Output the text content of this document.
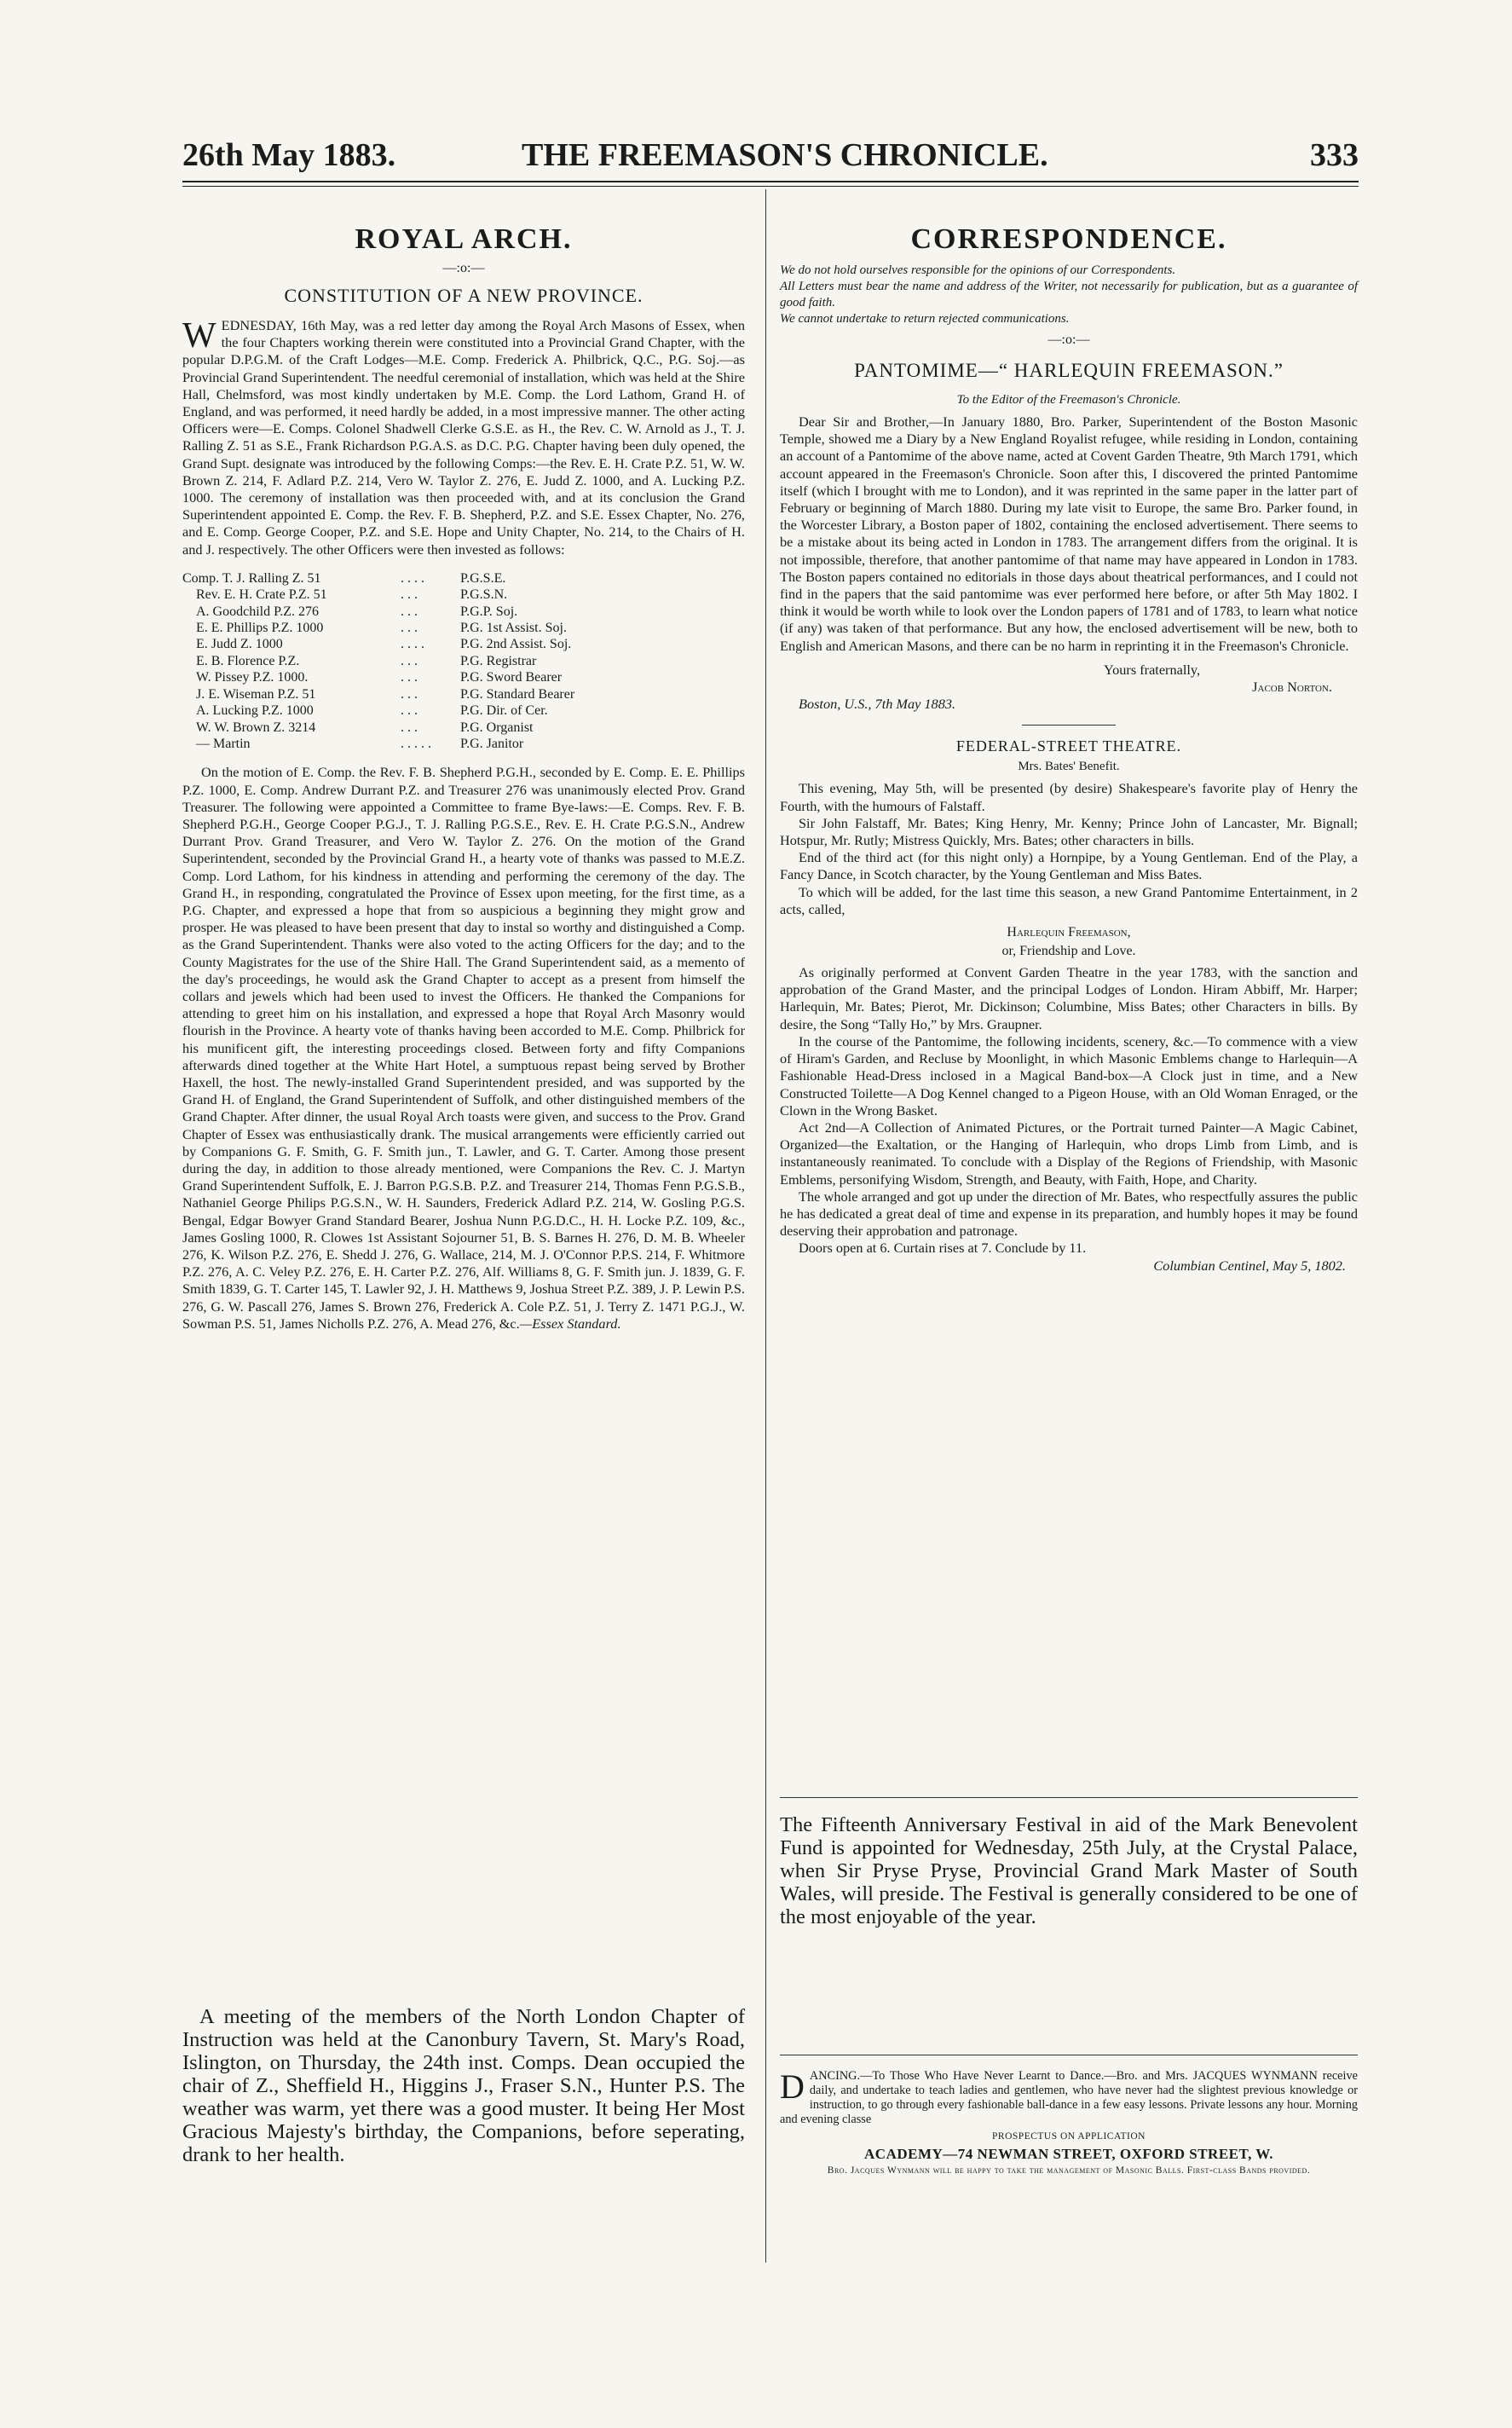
26th May 1883.	THE FREEMASON'S CHRONICLE.	333
ROYAL ARCH.
—:o:—
CONSTITUTION OF A NEW PROVINCE.

WEDNESDAY, 16th May, was a red letter day among the Royal Arch Masons of Essex, when the four Chapters working therein were constituted into a Provincial Grand Chapter, with the popular D.P.G.M. of the Craft Lodges—M.E. Comp. Frederick A. Philbrick, Q.C., P.G. Soj.—as Provincial Grand Superintendent. The needful ceremonial of installation, which was held at the Shire Hall, Chelmsford, was most kindly undertaken by M.E. Comp. the Lord Lathom, Grand H. of England, and was performed, it need hardly be added, in a most impressive manner. The other acting Officers were—E. Comps. Colonel Shadwell Clerke G.S.E. as H., the Rev. C. W. Arnold as J., T. J. Ralling Z. 51 as S.E., Frank Richardson P.G.A.S. as D.C. P.G. Chapter having been duly opened, the Grand Supt. designate was introduced by the following Comps:—the Rev. E. H. Crate P.Z. 51, W. W. Brown Z. 214, F. Adlard P.Z. 214, Vero W. Taylor Z. 276, E. Judd Z. 1000, and A. Lucking P.Z. 1000. The ceremony of installation was then proceeded with, and at its conclusion the Grand Superintendent appointed E. Comp. the Rev. F. B. Shepherd, P.Z. and S.E. Essex Chapter, No. 276, and E. Comp. George Cooper, P.Z. and S.E. Hope and Unity Chapter, No. 214, to the Chairs of H. and J. respectively. The other Officers were then invested as follows:

Comp. T. J. Ralling Z. 51	. . . .	P.G.S.E.
Rev. E. H. Crate P.Z. 51	. . .	P.G.S.N.
A. Goodchild P.Z. 276	. . .	P.G.P. Soj.
E. E. Phillips P.Z. 1000	. . .	P.G. 1st Assist. Soj.
E. Judd Z. 1000	. . . .	P.G. 2nd Assist. Soj.
E. B. Florence P.Z.	. . .	P.G. Registrar
W. Pissey P.Z. 1000.	. . .	P.G. Sword Bearer
J. E. Wiseman P.Z. 51	. . .	P.G. Standard Bearer
A. Lucking P.Z. 1000	. . .	P.G. Dir. of Cer.
W. W. Brown Z. 3214	. . .	P.G. Organist
— Martin	. . . . .	P.G. Janitor

On the motion of E. Comp. the Rev. F. B. Shepherd P.G.H., seconded by E. Comp. E. E. Phillips P.Z. 1000, E. Comp. Andrew Durrant P.Z. and Treasurer 276 was unanimously elected Prov. Grand Treasurer. The following were appointed a Committee to frame Bye-laws:—E. Comps. Rev. F. B. Shepherd P.G.H., George Cooper P.G.J., T. J. Ralling P.G.S.E., Rev. E. H. Crate P.G.S.N., Andrew Durrant Prov. Grand Treasurer, and Vero W. Taylor Z. 276. On the motion of the Grand Superintendent, seconded by the Provincial Grand H., a hearty vote of thanks was passed to M.E.Z. Comp. Lord Lathom, for his kindness in attending and performing the ceremony of the day. The Grand H., in responding, congratulated the Province of Essex upon meeting, for the first time, as a P.G. Chapter, and expressed a hope that from so auspicious a beginning they might grow and prosper. He was pleased to have been present that day to instal so worthy and distinguished a Comp. as the Grand Superintendent. Thanks were also voted to the acting Officers for the day; and to the County Magistrates for the use of the Shire Hall. The Grand Superintendent said, as a memento of the day's proceedings, he would ask the Grand Chapter to accept as a present from himself the collars and jewels which had been used to invest the Officers. He thanked the Companions for attending to greet him on his installation, and expressed a hope that Royal Arch Masonry would flourish in the Province. A hearty vote of thanks having been accorded to M.E. Comp. Philbrick for his munificent gift, the interesting proceedings closed. Between forty and fifty Companions afterwards dined together at the White Hart Hotel, a sumptuous repast being served by Brother Haxell, the host. The newly-installed Grand Superintendent presided, and was supported by the Grand H. of England, the Grand Superintendent of Suffolk, and other distinguished members of the Grand Chapter. After dinner, the usual Royal Arch toasts were given, and success to the Prov. Grand Chapter of Essex was enthusiastically drank. The musical arrangements were efficiently carried out by Companions G. F. Smith, G. F. Smith jun., T. Lawler, and G. T. Carter. Among those present during the day, in addition to those already mentioned, were Companions the Rev. C. J. Martyn Grand Superintendent Suffolk, E. J. Barron P.G.S.B. P.Z. and Treasurer 214, Thomas Fenn P.G.S.B., Nathaniel George Philips P.G.S.N., W. H. Saunders, Frederick Adlard P.Z. 214, W. Gosling P.G.S. Bengal, Edgar Bowyer Grand Standard Bearer, Joshua Nunn P.G.D.C., H. H. Locke P.Z. 109, &c., James Gosling 1000, R. Clowes 1st Assistant Sojourner 51, B. S. Barnes H. 276, D. M. B. Wheeler 276, K. Wilson P.Z. 276, E. Shedd J. 276, G. Wallace, 214, M. J. O'Connor P.P.S. 214, F. Whitmore P.Z. 276, A. C. Veley P.Z. 276, E. H. Carter P.Z. 276, Alf. Williams 8, G. F. Smith jun. J. 1839, G. F. Smith 1839, G. T. Carter 145, T. Lawler 92, J. H. Matthews 9, Joshua Street P.Z. 389, J. P. Lewin P.S. 276, G. W. Pascall 276, James S. Brown 276, Frederick A. Cole P.Z. 51, J. Terry Z. 1471 P.G.J., W. Sowman P.S. 51, James Nicholls P.Z. 276, A. Mead 276, &c.—Essex Standard.

A meeting of the members of the North London Chapter of Instruction was held at the Canonbury Tavern, St. Mary's Road, Islington, on Thursday, the 24th inst. Comps. Dean occupied the chair of Z., Sheffield H., Higgins J., Fraser S.N., Hunter P.S. The weather was warm, yet there was a good muster. It being Her Most Gracious Majesty's birthday, the Companions, before seperating, drank to her health.

CORRESPONDENCE.
We do not hold ourselves responsible for the opinions of our Correspondents.
All Letters must bear the name and address of the Writer, not necessarily for publication, but as a guarantee of good faith.
We cannot undertake to return rejected communications.
—:o:—
PANTOMIME—“ HARLEQUIN FREEMASON.”
To the Editor of the Freemason's Chronicle.

Dear Sir and Brother,—In January 1880, Bro. Parker, Superintendent of the Boston Masonic Temple, showed me a Diary by a New England Royalist refugee, while residing in London, containing an account of a Pantomime of the above name, acted at Covent Garden Theatre, 9th March 1791, which account appeared in the Freemason's Chronicle. Soon after this, I discovered the printed Pantomime itself (which I brought with me to London), and it was reprinted in the same paper in the latter part of February or beginning of March 1880. During my late visit to Europe, the same Bro. Parker found, in the Worcester Library, a Boston paper of 1802, containing the enclosed advertisement. There seems to be a mistake about its being acted in London in 1783. The arrangement differs from the original. It is not impossible, therefore, that another pantomime of that name may have appeared in London in 1783. The Boston papers contained no editorials in those days about theatrical performances, and I could not find in the papers that the said pantomime was ever performed here before, or after 5th May 1802. I think it would be worth while to look over the London papers of 1781 and of 1783, to learn what notice (if any) was taken of that performance. But any how, the enclosed advertisement will be new, both to English and American Masons, and there can be no harm in reprinting it in the Freemason's Chronicle.

Yours fraternally,
Jacob Norton.
Boston, U.S., 7th May 1883.
FEDERAL-STREET THEATRE.
Mrs. Bates' Benefit.

This evening, May 5th, will be presented (by desire) Shakespeare's favorite play of Henry the Fourth, with the humours of Falstaff.

Sir John Falstaff, Mr. Bates; King Henry, Mr. Kenny; Prince John of Lancaster, Mr. Bignall; Hotspur, Mr. Rutly; Mistress Quickly, Mrs. Bates; other characters in bills.

End of the third act (for this night only) a Hornpipe, by a Young Gentleman. End of the Play, a Fancy Dance, in Scotch character, by the Young Gentleman and Miss Bates.

To which will be added, for the last time this season, a new Grand Pantomime Entertainment, in 2 acts, called,

Harlequin Freemason,
or, Friendship and Love.

As originally performed at Convent Garden Theatre in the year 1783, with the sanction and approbation of the Grand Master, and the principal Lodges of London. Hiram Abbiff, Mr. Harper; Harlequin, Mr. Bates; Pierot, Mr. Dickinson; Columbine, Miss Bates; other Characters in bills. By desire, the Song “Tally Ho,” by Mrs. Graupner.

In the course of the Pantomime, the following incidents, scenery, &c.—To commence with a view of Hiram's Garden, and Recluse by Moonlight, in which Masonic Emblems change to Harlequin—A Fashionable Head-Dress inclosed in a Magical Band-box—A Clock just in time, and a New Constructed Toilette—A Dog Kennel changed to a Pigeon House, with an Old Woman Enraged, or the Clown in the Wrong Basket.

Act 2nd—A Collection of Animated Pictures, or the Portrait turned Painter—A Magic Cabinet, Organized—the Exaltation, or the Hanging of Harlequin, who drops Limb from Limb, and is instantaneously reanimated. To conclude with a Display of the Regions of Friendship, with Masonic Emblems, personifying Wisdom, Strength, and Beauty, with Faith, Hope, and Charity.

The whole arranged and got up under the direction of Mr. Bates, who respectfully assures the public he has dedicated a great deal of time and expense in its preparation, and humbly hopes it may be found deserving their approbation and patronage.

Doors open at 6. Curtain rises at 7. Conclude by 11.

Columbian Centinel, May 5, 1802.

The Fifteenth Anniversary Festival in aid of the Mark Benevolent Fund is appointed for Wednesday, 25th July, at the Crystal Palace, when Sir Pryse Pryse, Provincial Grand Mark Master of South Wales, will preside. The Festival is generally considered to be one of the most enjoyable of the year.

DANCING.—To Those Who Have Never Learnt to Dance.—Bro. and Mrs. JACQUES WYNMANN receive daily, and undertake to teach ladies and gentlemen, who have never had the slightest previous knowledge or instruction, to go through every fashionable ball-dance in a few easy lessons. Private lessons any hour. Morning and evening classe
PROSPECTUS ON APPLICATION
ACADEMY—74 NEWMAN STREET, OXFORD STREET, W.
Bro. Jacques Wynmann will be happy to take the management of Masonic Balls. First-class Bands provided.
